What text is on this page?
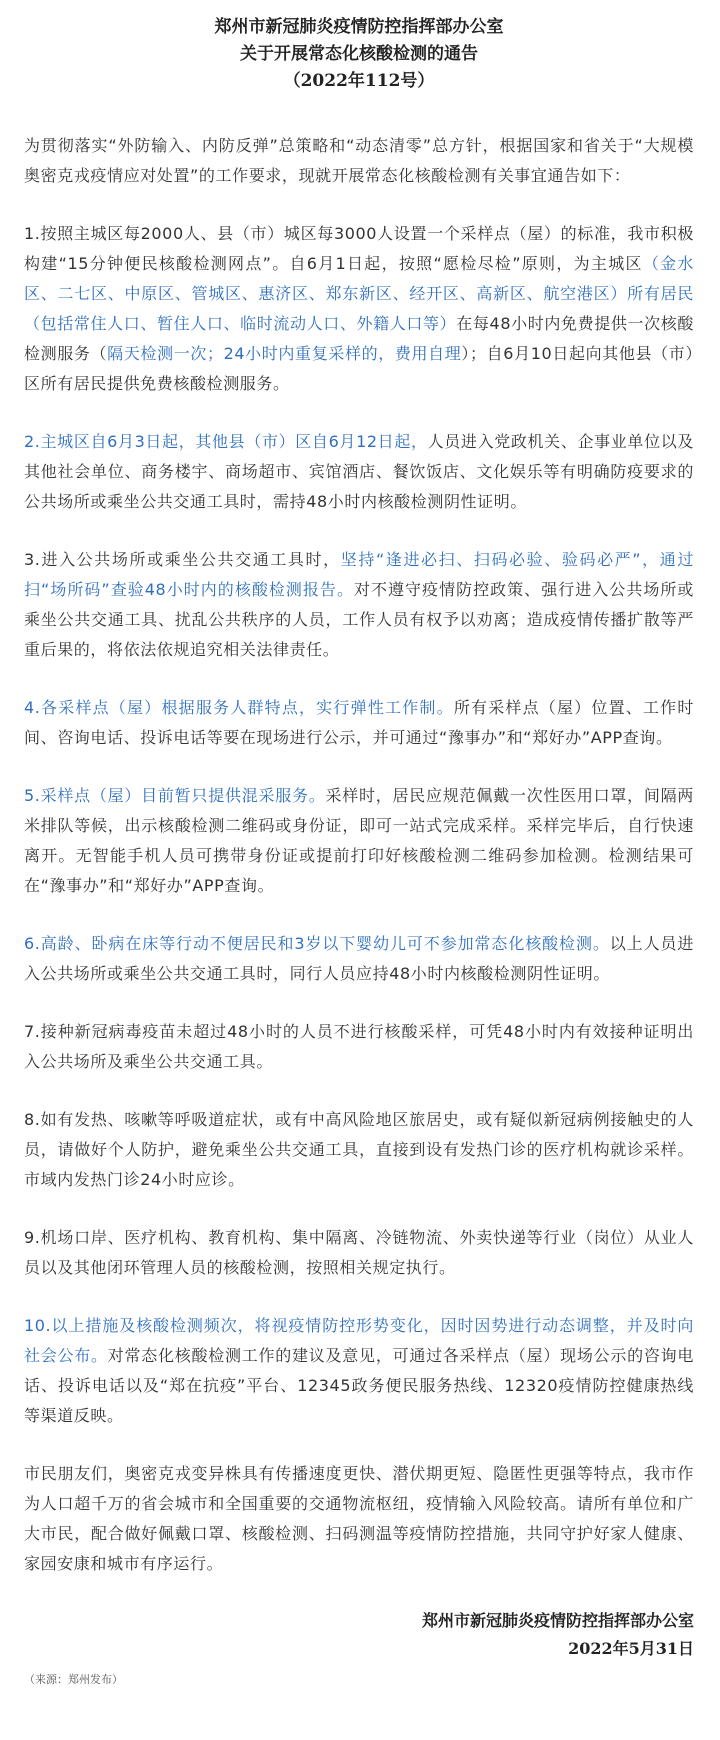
郑州市新冠肺炎疫情防控指挥部办公室
关于开展常态化核酸检测的通告
（2022年112号）

为贯彻落实“外防输入、内防反弹”总策略和“动态清零”总方针，根据国家和省关于“大规模奥密克戎疫情应对处置”的工作要求，现就开展常态化核酸检测有关事宜通告如下：

1.按照主城区每2000人、县（市）城区每3000人设置一个采样点（屋）的标准，我市积极构建“15分钟便民核酸检测网点”。自6月1日起，按照“愿检尽检”原则，为主城区（金水区、二七区、中原区、管城区、惠济区、郑东新区、经开区、高新区、航空港区）所有居民（包括常住人口、暂住人口、临时流动人口、外籍人口等）在每48小时内免费提供一次核酸检测服务（隔天检测一次；24小时内重复采样的，费用自理）；自6月10日起向其他县（市）区所有居民提供免费核酸检测服务。

2.主城区自6月3日起，其他县（市）区自6月12日起，人员进入党政机关、企事业单位以及其他社会单位、商务楼宇、商场超市、宾馆酒店、餐饮饭店、文化娱乐等有明确防疫要求的公共场所或乘坐公共交通工具时，需持48小时内核酸检测阴性证明。

3.进入公共场所或乘坐公共交通工具时，坚持“逢进必扫、扫码必验、验码必严”，通过扫“场所码”查验48小时内的核酸检测报告。对不遵守疫情防控政策、强行进入公共场所或乘坐公共交通工具、扰乱公共秩序的人员，工作人员有权予以劝离；造成疫情传播扩散等严重后果的，将依法依规追究相关法律责任。

4.各采样点（屋）根据服务人群特点，实行弹性工作制。所有采样点（屋）位置、工作时间、咨询电话、投诉电话等要在现场进行公示，并可通过“豫事办”和“郑好办”APP查询。

5.采样点（屋）目前暂只提供混采服务。采样时，居民应规范佩戴一次性医用口罩，间隔两米排队等候，出示核酸检测二维码或身份证，即可一站式完成采样。采样完毕后，自行快速离开。无智能手机人员可携带身份证或提前打印好核酸检测二维码参加检测。检测结果可在“豫事办”和“郑好办”APP查询。

6.高龄、卧病在床等行动不便居民和3岁以下婴幼儿可不参加常态化核酸检测。以上人员进入公共场所或乘坐公共交通工具时，同行人员应持48小时内核酸检测阴性证明。

7.接种新冠病毒疫苗未超过48小时的人员不进行核酸采样，可凭48小时内有效接种证明出入公共场所及乘坐公共交通工具。

8.如有发热、咳嗽等呼吸道症状，或有中高风险地区旅居史，或有疑似新冠病例接触史的人员，请做好个人防护，避免乘坐公共交通工具，直接到设有发热门诊的医疗机构就诊采样。市域内发热门诊24小时应诊。

9.机场口岸、医疗机构、教育机构、集中隔离、冷链物流、外卖快递等行业（岗位）从业人员以及其他闭环管理人员的核酸检测，按照相关规定执行。

10.以上措施及核酸检测频次，将视疫情防控形势变化，因时因势进行动态调整，并及时向社会公布。对常态化核酸检测工作的建议及意见，可通过各采样点（屋）现场公示的咨询电话、投诉电话以及“郑在抗疫”平台、12345政务便民服务热线、12320疫情防控健康热线等渠道反映。

市民朋友们，奥密克戎变异株具有传播速度更快、潜伏期更短、隐匿性更强等特点，我市作为人口超千万的省会城市和全国重要的交通物流枢纽，疫情输入风险较高。请所有单位和广大市民，配合做好佩戴口罩、核酸检测、扫码测温等疫情防控措施，共同守护好家人健康、家园安康和城市有序运行。

郑州市新冠肺炎疫情防控指挥部办公室
2022年5月31日
（来源：郑州发布）
